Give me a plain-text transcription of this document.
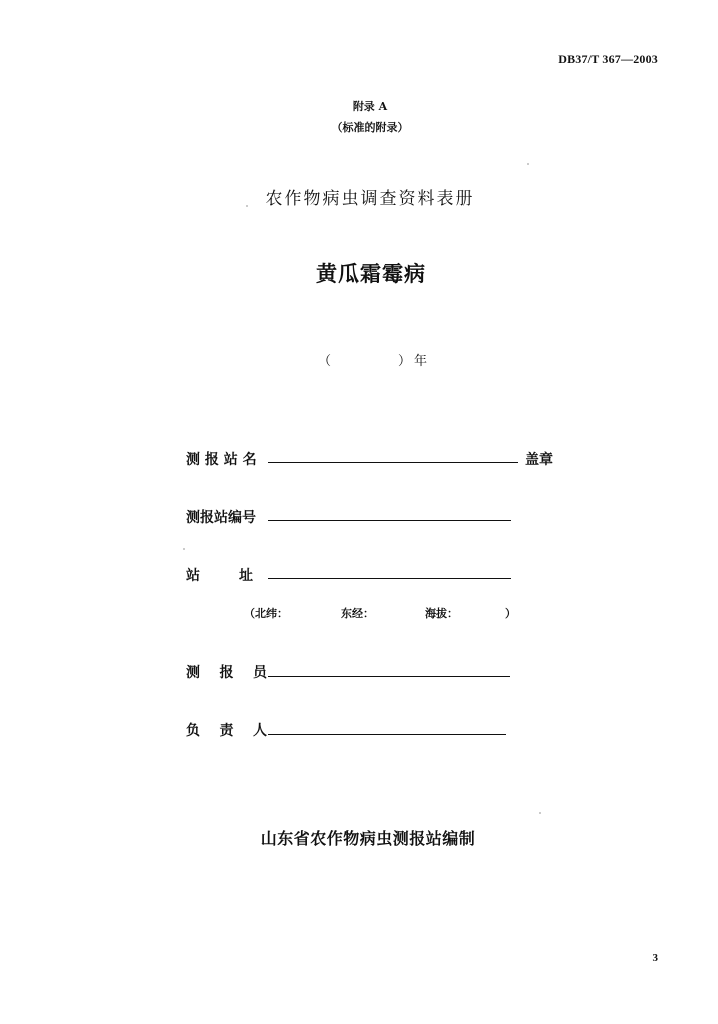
DB37/T 367—2003
附录 A
（标准的附录）
农作物病虫调查资料表册
黄瓜霜霉病
（	） 年
测 报 站 名	盖章
测报站编号
站        址
（北纬：	东经：	海拔：	）
测    报    员
负    责    人
山东省农作物病虫测报站编制
3
